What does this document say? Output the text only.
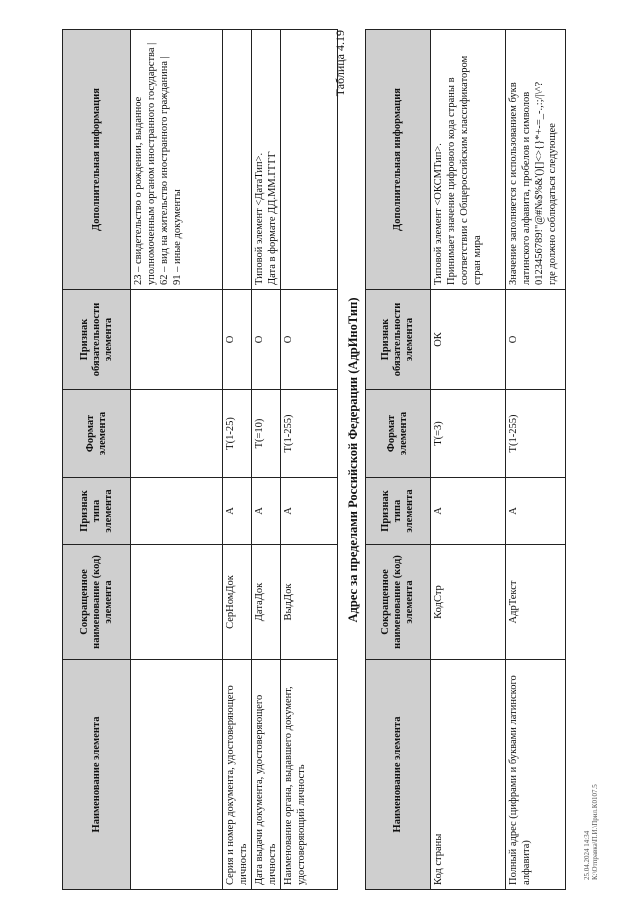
Наименование элемента	Сокращенное наименование (код) элемента	Признак типа элемента	Формат элемента	Признак обязательности элемента	Дополнительная информация
					23 – свидетельство о рождении, выданное уполномоченным органом иностранного государства |
62 – вид на жительство иностранного гражданина |
91 – иные документы
Серия и номер документа, удостоверяющего личность	СерНомДок	А	Т(1-25)	О	
Дата выдачи документа, удостоверяющего личность	ДатаДок	А	Т(=10)	О	Типовой элемент <ДатаТип>.
Дата в формате ДД.ММ.ГГГГ
Наименование органа, выдавшего документ, удостоверяющий личность	ВыдДок	А	Т(1-255)	О	
Таблица 4.19
Адрес за пределами Российской Федерации (АдрИноТип)
Наименование элемента	Сокращенное наименование (код) элемента	Признак типа элемента	Формат элемента	Признак обязательности элемента	Дополнительная информация
Код страны	КодСтр	А	Т(=3)	ОК	Типовой элемент <ОКСМТип>.
Принимает значение цифрового кода страны в соответствии с Общероссийским классификатором стран мира
Полный адрес (цифрами и буквами латинского алфавита)	АдрТекст	А	Т(1-255)	О	Значение заполняется с использованием букв латинского алфавита, пробелов и символов
0123456789!"@#№$%&'()[]<>{}*+-=_-.,:;/|\^?
где должно соблюдаться следующее
25.04.2024 14:34 К:\Отправка\П.И.\Прил.К0107.5
